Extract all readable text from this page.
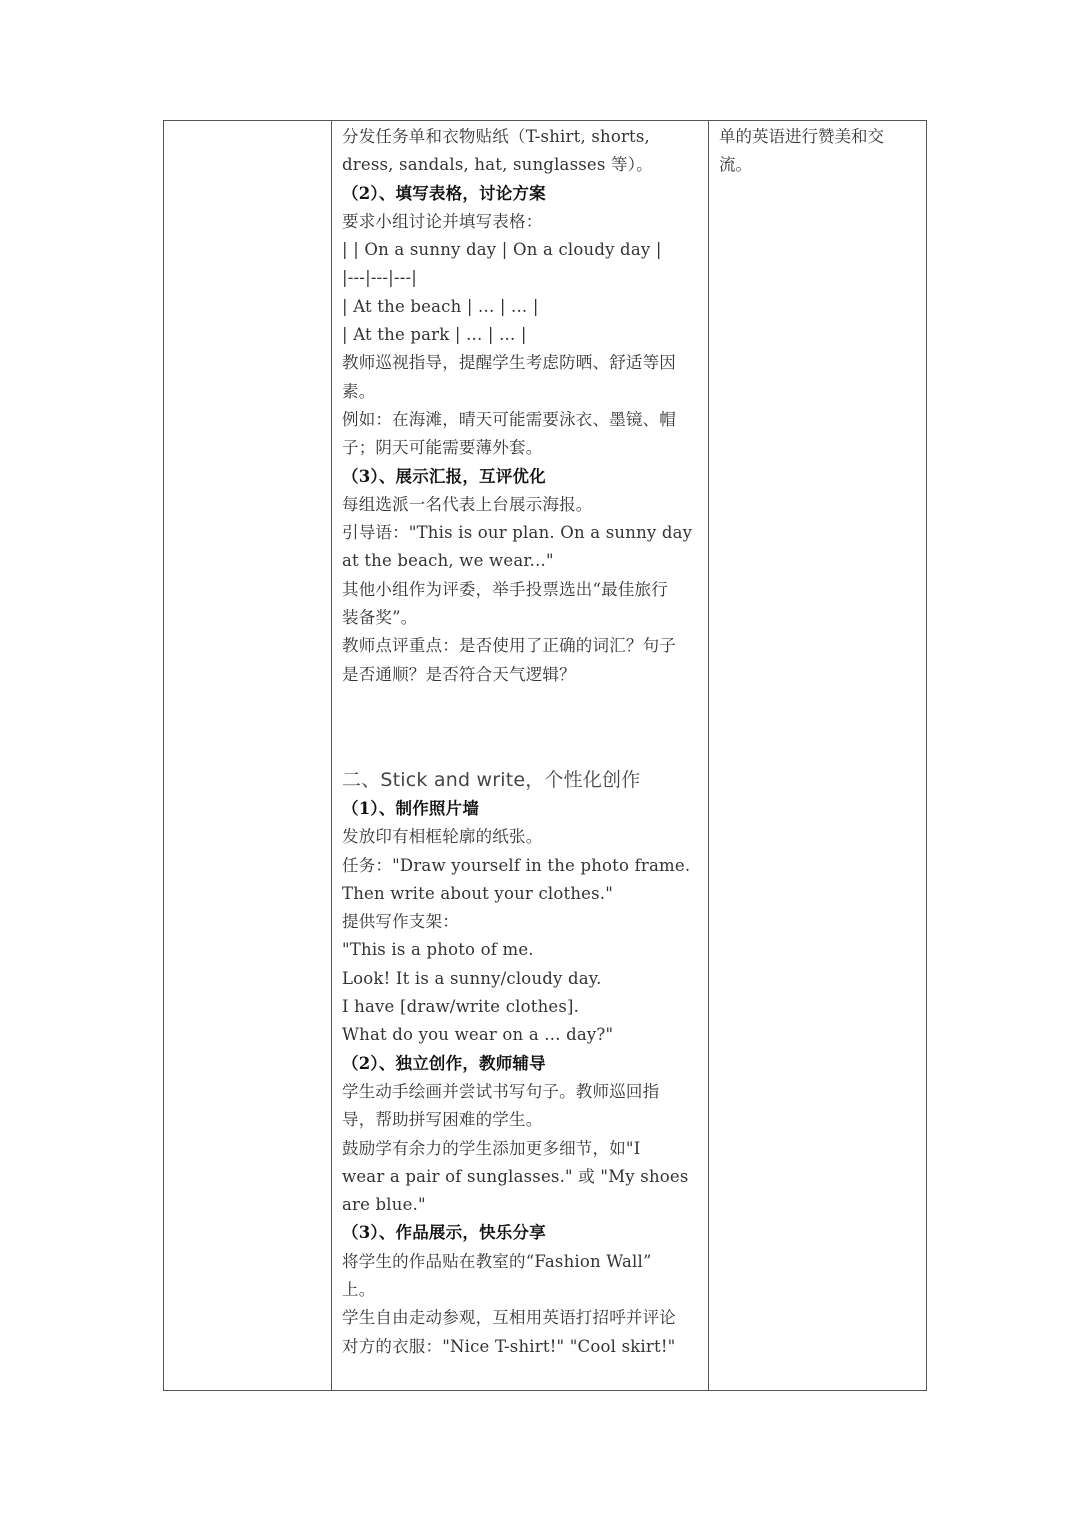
分发任务单和衣物贴纸（T-shirt, shorts,
dress, sandals, hat, sunglasses 等）。
（2）、填写表格，讨论方案
要求小组讨论并填写表格：
| | On a sunny day | On a cloudy day |
|---|---|---|
| At the beach | ... | ... |
| At the park | ... | ... |
教师巡视指导，提醒学生考虑防晒、舒适等因
素。
例如：在海滩，晴天可能需要泳衣、墨镜、帽
子；阴天可能需要薄外套。
（3）、展示汇报，互评优化
每组选派一名代表上台展示海报。
引导语："This is our plan. On a sunny day
at the beach, we wear..."
其他小组作为评委，举手投票选出“最佳旅行
装备奖”。
教师点评重点：是否使用了正确的词汇？句子
是否通顺？是否符合天气逻辑？
二、Stick and write，个性化创作
（1）、制作照片墙
发放印有相框轮廓的纸张。
任务："Draw yourself in the photo frame.
Then write about your clothes."
提供写作支架：
"This is a photo of me.
Look! It is a sunny/cloudy day.
I have [draw/write clothes].
What do you wear on a ... day?"
（2）、独立创作，教师辅导
学生动手绘画并尝试书写句子。教师巡回指
导，帮助拼写困难的学生。
鼓励学有余力的学生添加更多细节，如"I
wear a pair of sunglasses." 或 "My shoes
are blue."
（3）、作品展示，快乐分享
将学生的作品贴在教室的“Fashion Wall”
上。
学生自由走动参观，互相用英语打招呼并评论
对方的衣服："Nice T-shirt!" "Cool skirt!"
单的英语进行赞美和交
流。
